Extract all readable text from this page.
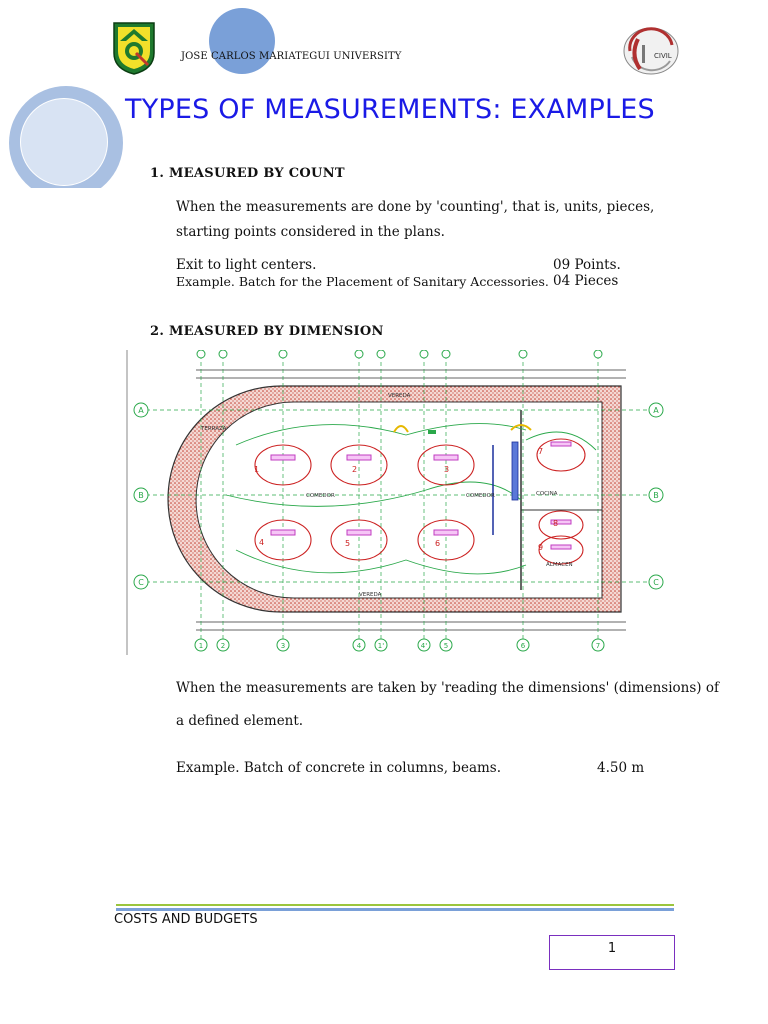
CIVIL
JOSE CARLOS MARIATEGUI UNIVERSITY
TYPES OF MEASUREMENTS: EXAMPLES
1. MEASURED BY COUNT
When the measurements are done by 'counting', that is, units, pieces,
starting points considered in the plans.
Exit to light centers.	09 Points.
Example. Batch for the Placement of Sanitary Accessories. 04 Pieces
2. MEASURED BY DIMENSION
A
B
C
A
B
C
1	2	3	4 1'	4' 5	6	7
1	2	3
4	5	6
7
8
9
COMEDOR	COMEDOR	COCINA
VEREDA
VEREDA
TERRAZA
ALMACEN
When the measurements are taken by 'reading the dimensions' (dimensions) of
a defined element.
Example. Batch of concrete in columns, beams.	4.50 m
COSTS AND BUDGETS
1
